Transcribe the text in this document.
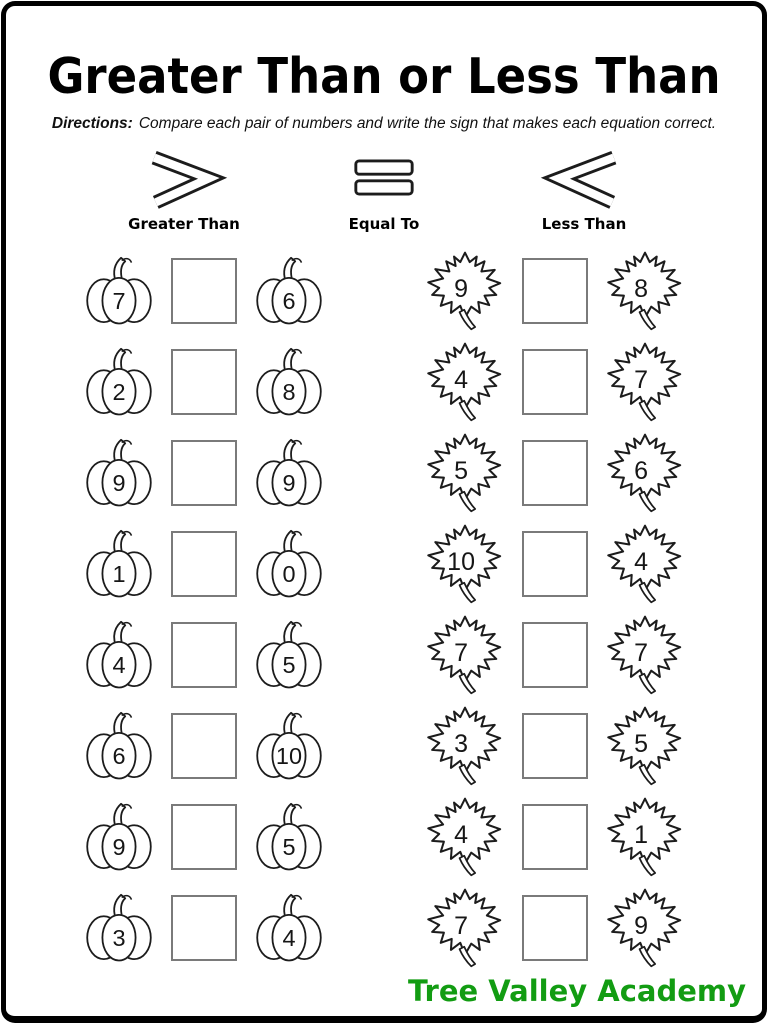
Greater Than or Less Than
Directions: Compare each pair of numbers and write the sign that makes each equation correct.
Greater Than	Equal To	Less Than
7	6
2	8
9	9
1	0
4	5
6	10
9	5
3	4
9	8
4	7
5	6
10	4
7	7
3	5
4	1
7	9
Tree Valley Academy
